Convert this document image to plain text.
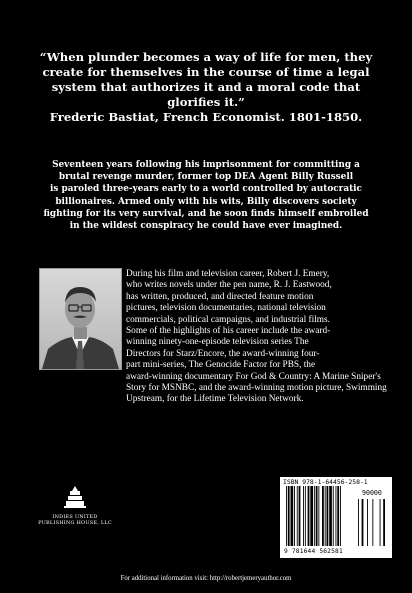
“When plunder becomes a way of life for men, they
create for themselves in the course of time a legal
system that authorizes it and a moral code that
glorifies it.”
Frederic Bastiat, French Economist. 1801-1850.
Seventeen years following his imprisonment for committing a
brutal revenge murder, former top DEA Agent Billy Russell
is paroled three-years early to a world controlled by autocratic
billionaires. Armed only with his wits, Billy discovers society
fighting for its very survival, and he soon finds himself embroiled
in the wildest conspiracy he could have ever imagined.
During his film and television career, Robert J. Emery,
who writes novels under the pen name, R. J. Eastwood,
has written, produced, and directed feature motion
pictures, television documentaries, national television
commercials, political campaigns, and industrial films.
Some of the highlights of his career include the award-
winning ninety-one-episode television series The
Directors for Starz/Encore, the award-winning four-
part mini-series, The Genocide Factor for PBS, the
award-winning documentary For God & Country: A Marine Sniper's
Story for MSNBC, and the award-winning motion picture, Swimming
Upstream, for the Lifetime Television Network.
INDIES UNITED
PUBLISHING HOUSE, LLC
ISBN 978-1-64456-258-1
90000
9 781644 562581
For additional information visit: http://robertjemeryauthor.com
